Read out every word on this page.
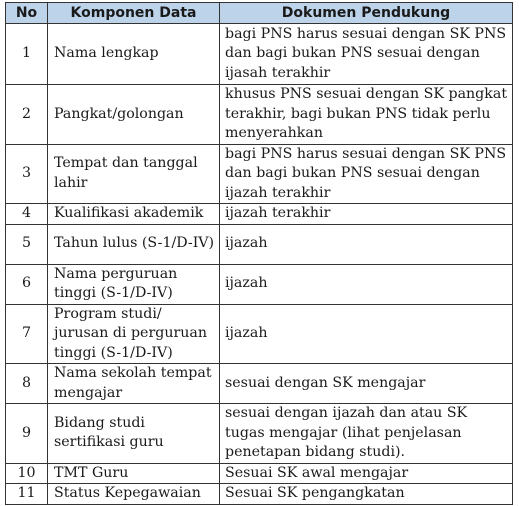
No	Komponen Data	Dokumen Pendukung
1	Nama lengkap	bagi PNS harus sesuai dengan SK PNS dan bagi bukan PNS sesuai dengan ijasah terakhir
2	Pangkat/golongan	khusus PNS sesuai dengan SK pangkat terakhir, bagi bukan PNS tidak perlu menyerahkan
3	Tempat dan tanggal lahir	bagi PNS harus sesuai dengan SK PNS dan bagi bukan PNS sesuai dengan ijazah terakhir
4	Kualifikasi akademik	ijazah terakhir
5	Tahun lulus (S-1/D-IV)	ijazah
6	Nama perguruan tinggi (S-1/D-IV)	ijazah
7	Program studi/ jurusan di perguruan tinggi (S-1/D-IV)	ijazah
8	Nama sekolah tempat mengajar	sesuai dengan SK mengajar
9	Bidang studi sertifikasi guru	sesuai dengan ijazah dan atau SK tugas mengajar (lihat penjelasan penetapan bidang studi).
10	TMT Guru	Sesuai SK awal mengajar
11	Status Kepegawaian	Sesuai SK pengangkatan
